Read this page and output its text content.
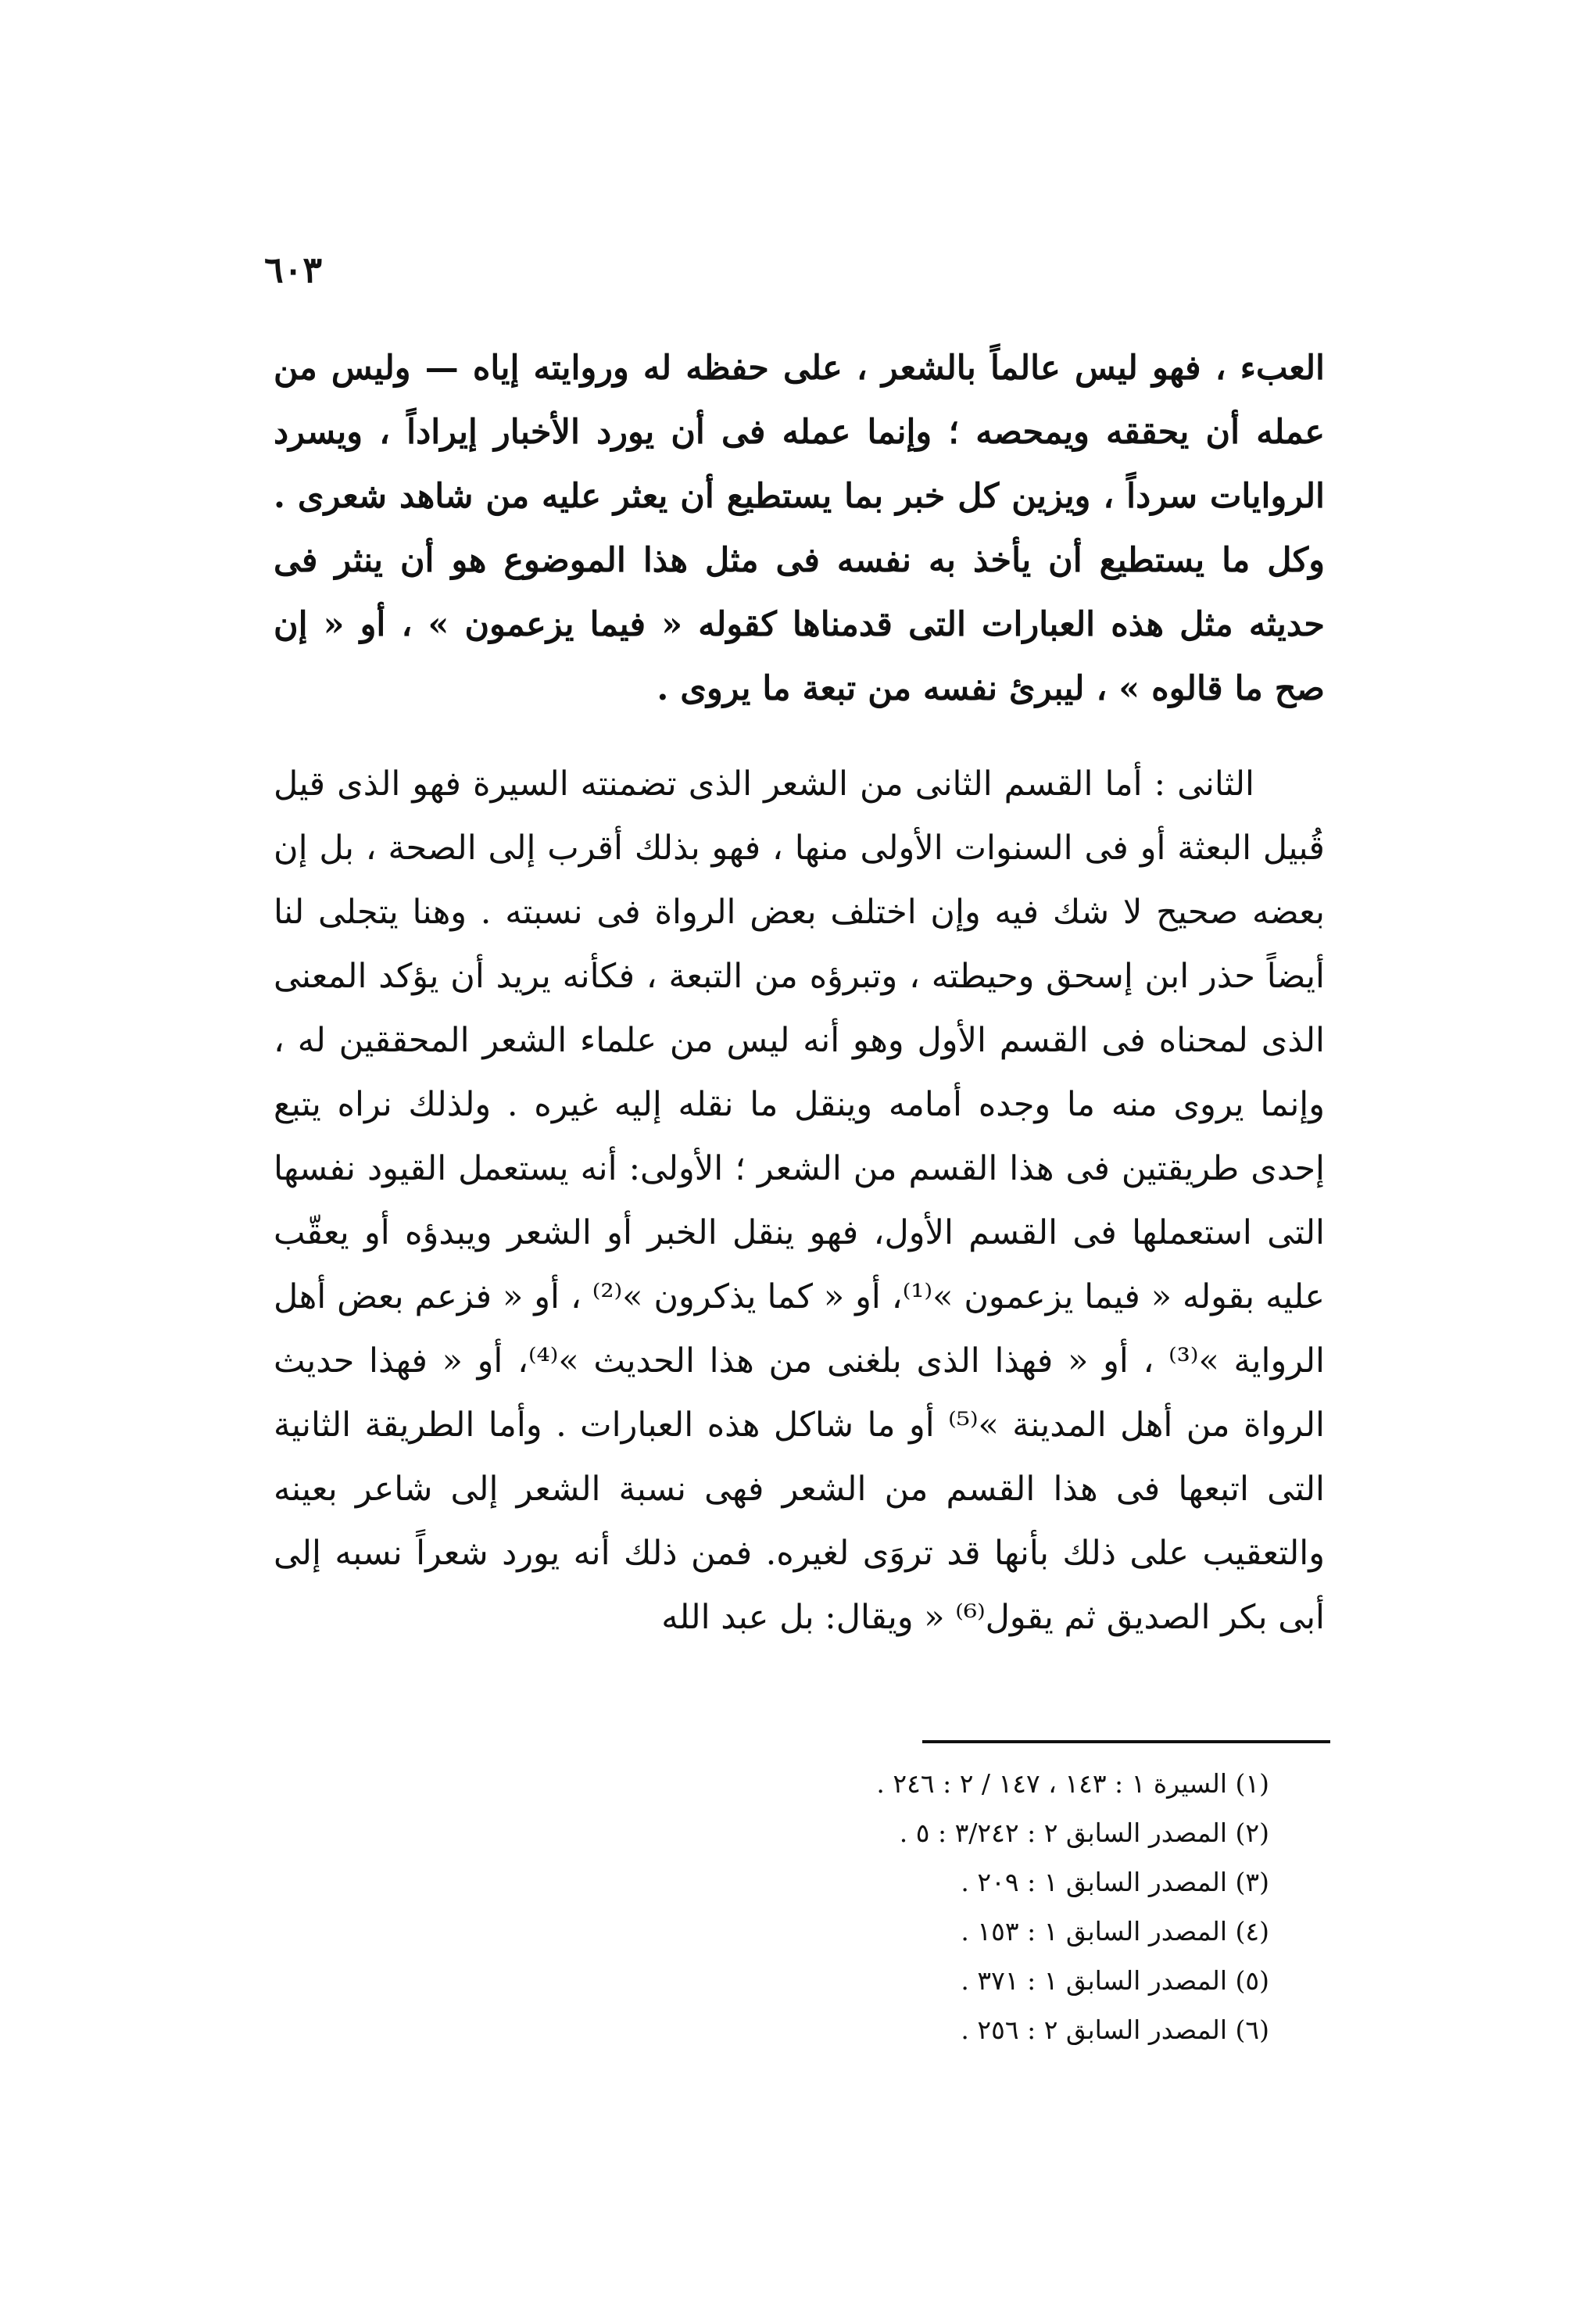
٦٠٣

العبء ، فهو ليس عالماً بالشعر ، على حفظه له وروايته إياه — وليس من عمله أن يحققه ويمحصه ؛ وإنما عمله فى أن يورد الأخبار إيراداً ، ويسرد الروايات سرداً ، ويزين كل خبر بما يستطيع أن يعثر عليه من شاهد شعرى . وكل ما يستطيع أن يأخذ به نفسه فى مثل هذا الموضوع هو أن ينثر فى حديثه مثل هذه العبارات التى قدمناها كقوله « فيما يزعمون » ، أو « إن صح ما قالوه » ، ليبرئ نفسه من تبعة ما يروى .

الثانى : أما القسم الثانى من الشعر الذى تضمنته السيرة فهو الذى قيل قُبيل البعثة أو فى السنوات الأولى منها ، فهو بذلك أقرب إلى الصحة ، بل إن بعضه صحيح لا شك فيه وإن اختلف بعض الرواة فى نسبته . وهنا يتجلى لنا أيضاً حذر ابن إسحق وحيطته ، وتبرؤه من التبعة ، فكأنه يريد أن يؤكد المعنى الذى لمحناه فى القسم الأول وهو أنه ليس من علماء الشعر المحققين له ، وإنما يروى منه ما وجده أمامه وينقل ما نقله إليه غيره . ولذلك نراه يتبع إحدى طريقتين فى هذا القسم من الشعر ؛ الأولى: أنه يستعمل القيود نفسها التى استعملها فى القسم الأول، فهو ينقل الخبر أو الشعر ويبدؤه أو يعقّب عليه بقوله « فيما يزعمون »⁽¹⁾، أو « كما يذكرون »⁽²⁾ ، أو « فزعم بعض أهل الرواية »⁽³⁾ ، أو « فهذا الذى بلغنى من هذا الحديث »⁽⁴⁾، أو « فهذا حديث الرواة من أهل المدينة »⁽⁵⁾ أو ما شاكل هذه العبارات . وأما الطريقة الثانية التى اتبعها فى هذا القسم من الشعر فهى نسبة الشعر إلى شاعر بعينه والتعقيب على ذلك بأنها قد تروَى لغيره. فمن ذلك أنه يورد شعراً نسبه إلى أبى بكر الصديق ثم يقول⁽⁶⁾ « ويقال: بل عبد الله

(١) السيرة ١ : ١٤٣ ، ١٤٧ / ٢ : ٢٤٦ .
(٢) المصدر السابق ٢ : ٣/٢٤٢ : ٥ .
(٣) المصدر السابق ١ : ٢٠٩ .
(٤) المصدر السابق ١ : ١٥٣ .
(٥) المصدر السابق ١ : ٣٧١ .
(٦) المصدر السابق ٢ : ٢٥٦ .
